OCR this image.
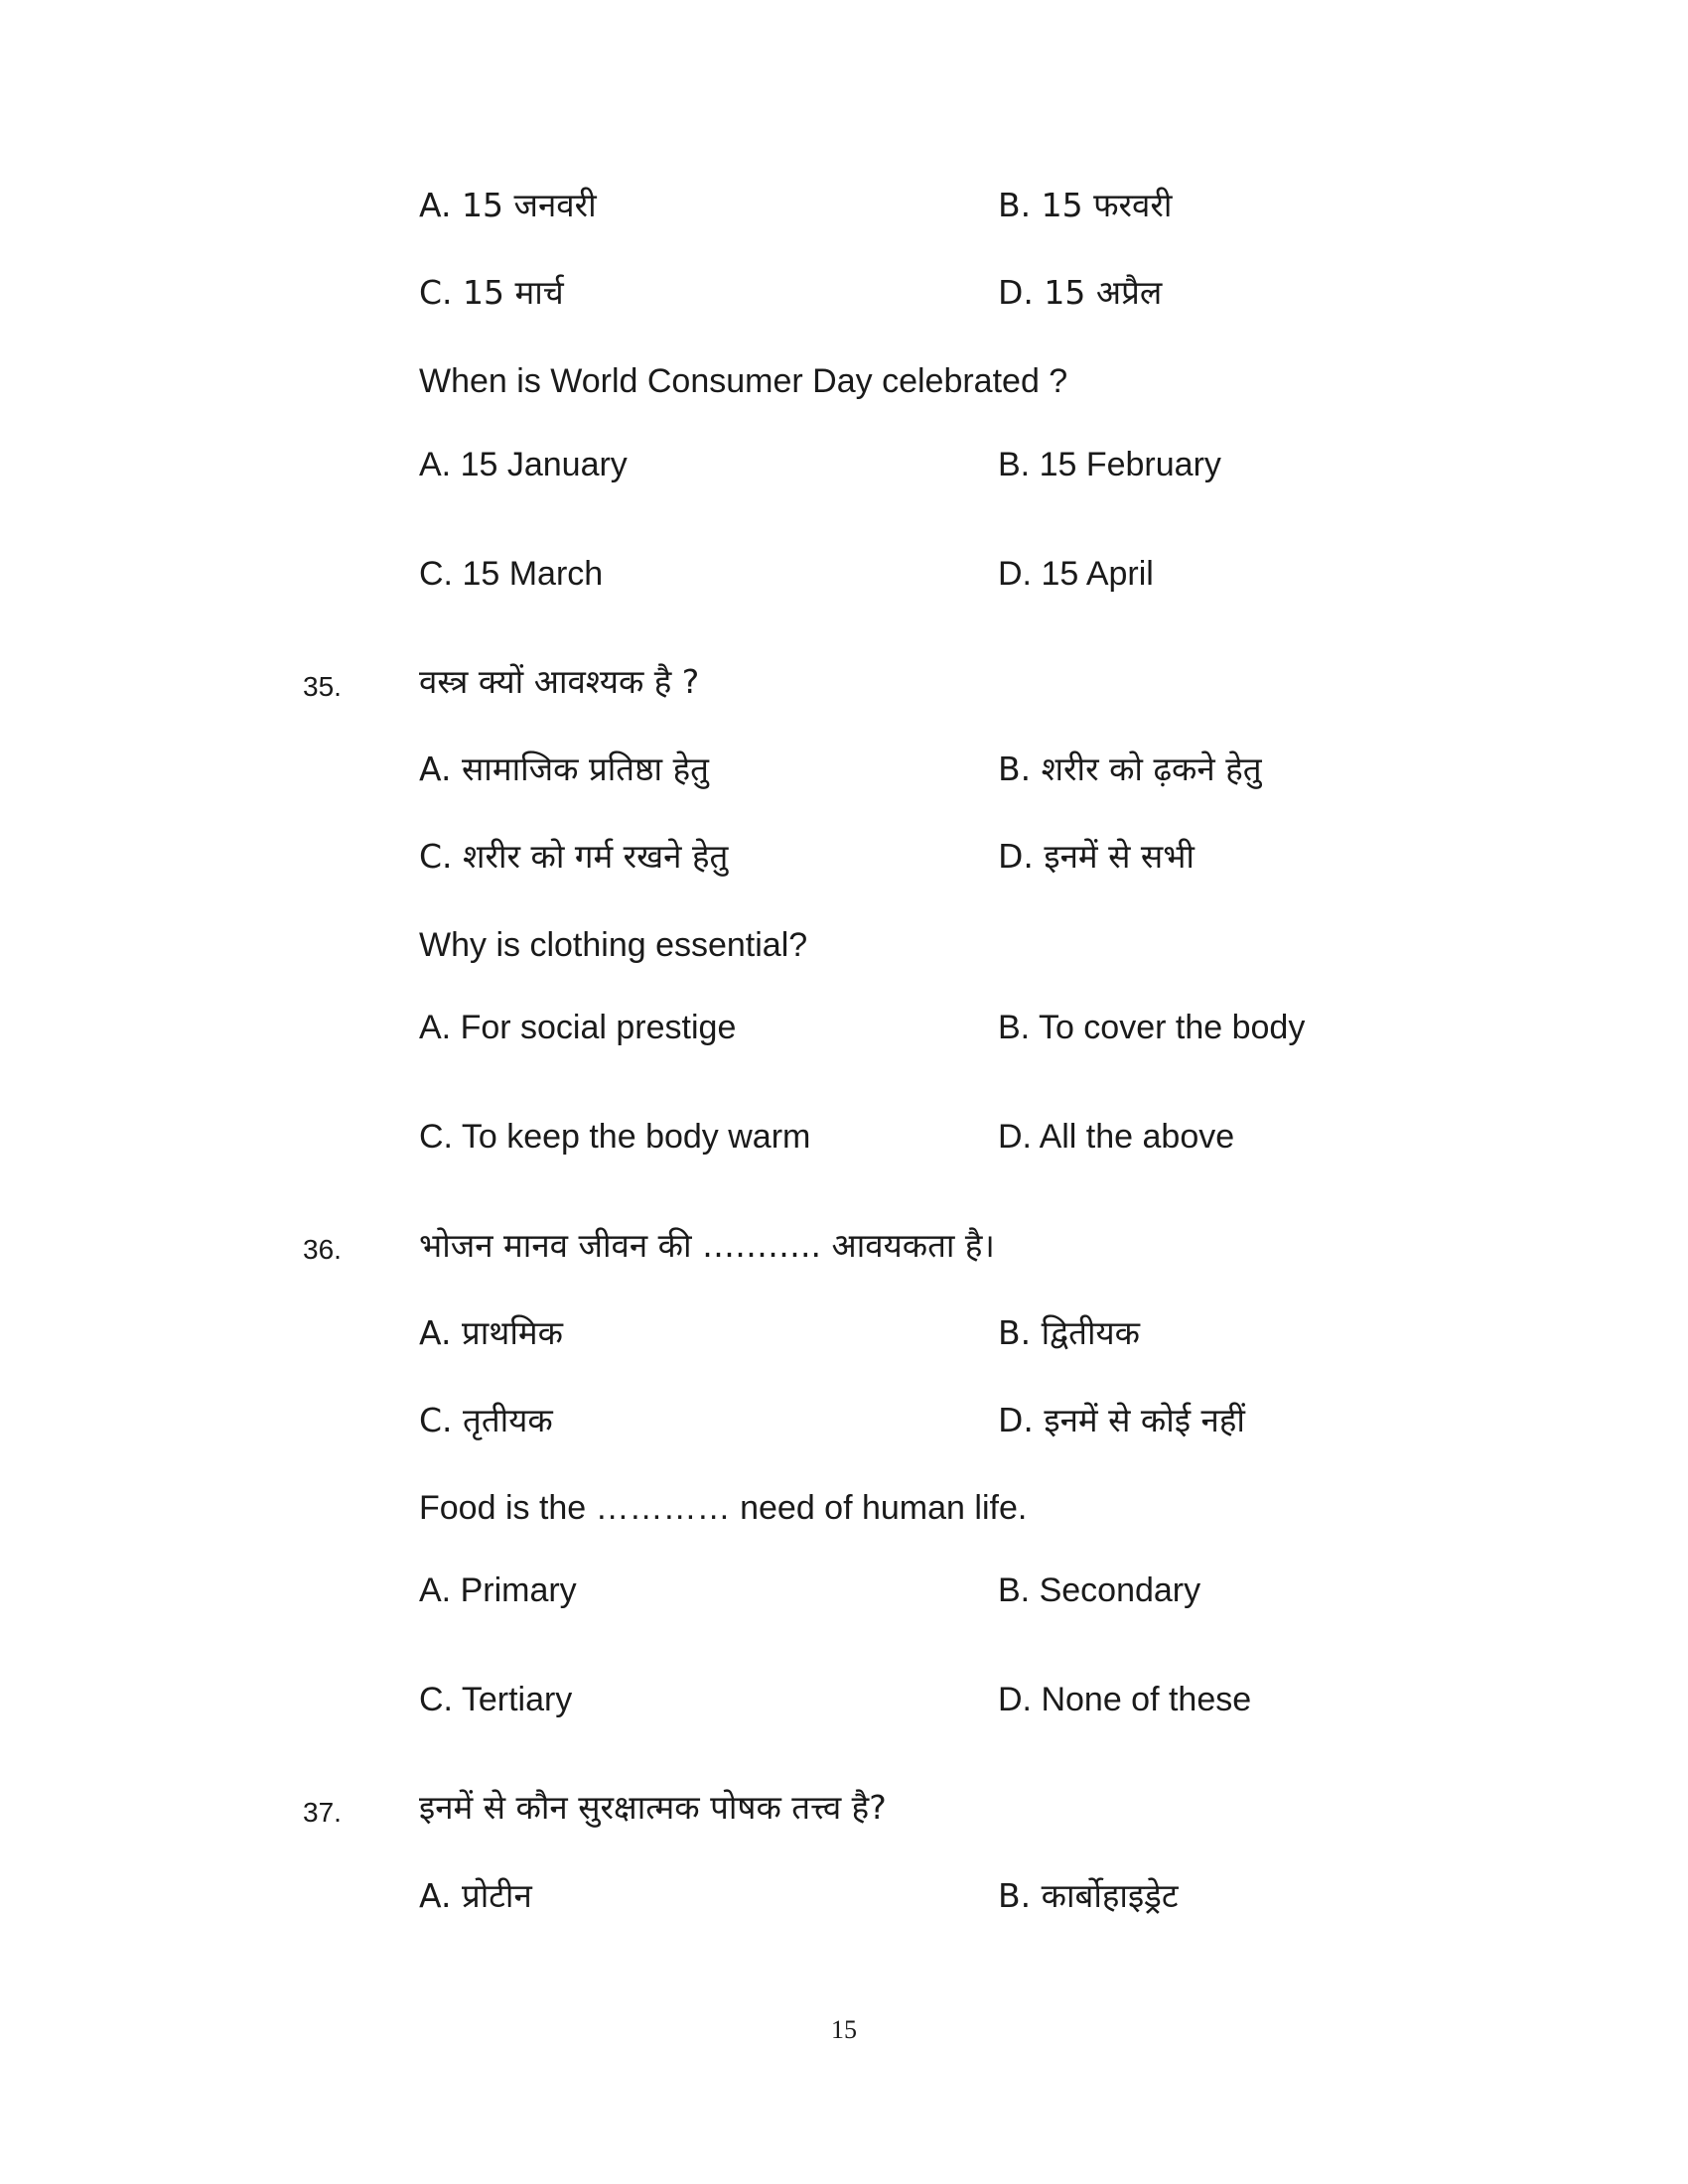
A. 15 जनवरी	B. 15 फरवरी
C. 15 मार्च	D. 15 अप्रैल
When is World Consumer Day celebrated ?
A. 15 January	B. 15 February
C. 15 March	D. 15 April
35. वस्त्र क्यों आवश्यक है ?
A. सामाजिक प्रतिष्ठा हेतु	B. शरीर को ढ़कने हेतु
C. शरीर को गर्म रखने हेतु	D. इनमें से सभी
Why is clothing essential?
A. For social prestige	B. To cover the body
C. To keep the body warm	D. All the above
36. भोजन मानव जीवन की ……….. आवयकता है।
A. प्राथमिक	B. द्वितीयक
C. तृतीयक	D. इनमें से कोई नहीं
Food is the ………… need of human life.
A. Primary	B. Secondary
C. Tertiary	D. None of these
37. इनमें से कौन सुरक्षात्मक पोषक तत्त्व है?
A. प्रोटीन	B. कार्बोहाइड्रेट
15
